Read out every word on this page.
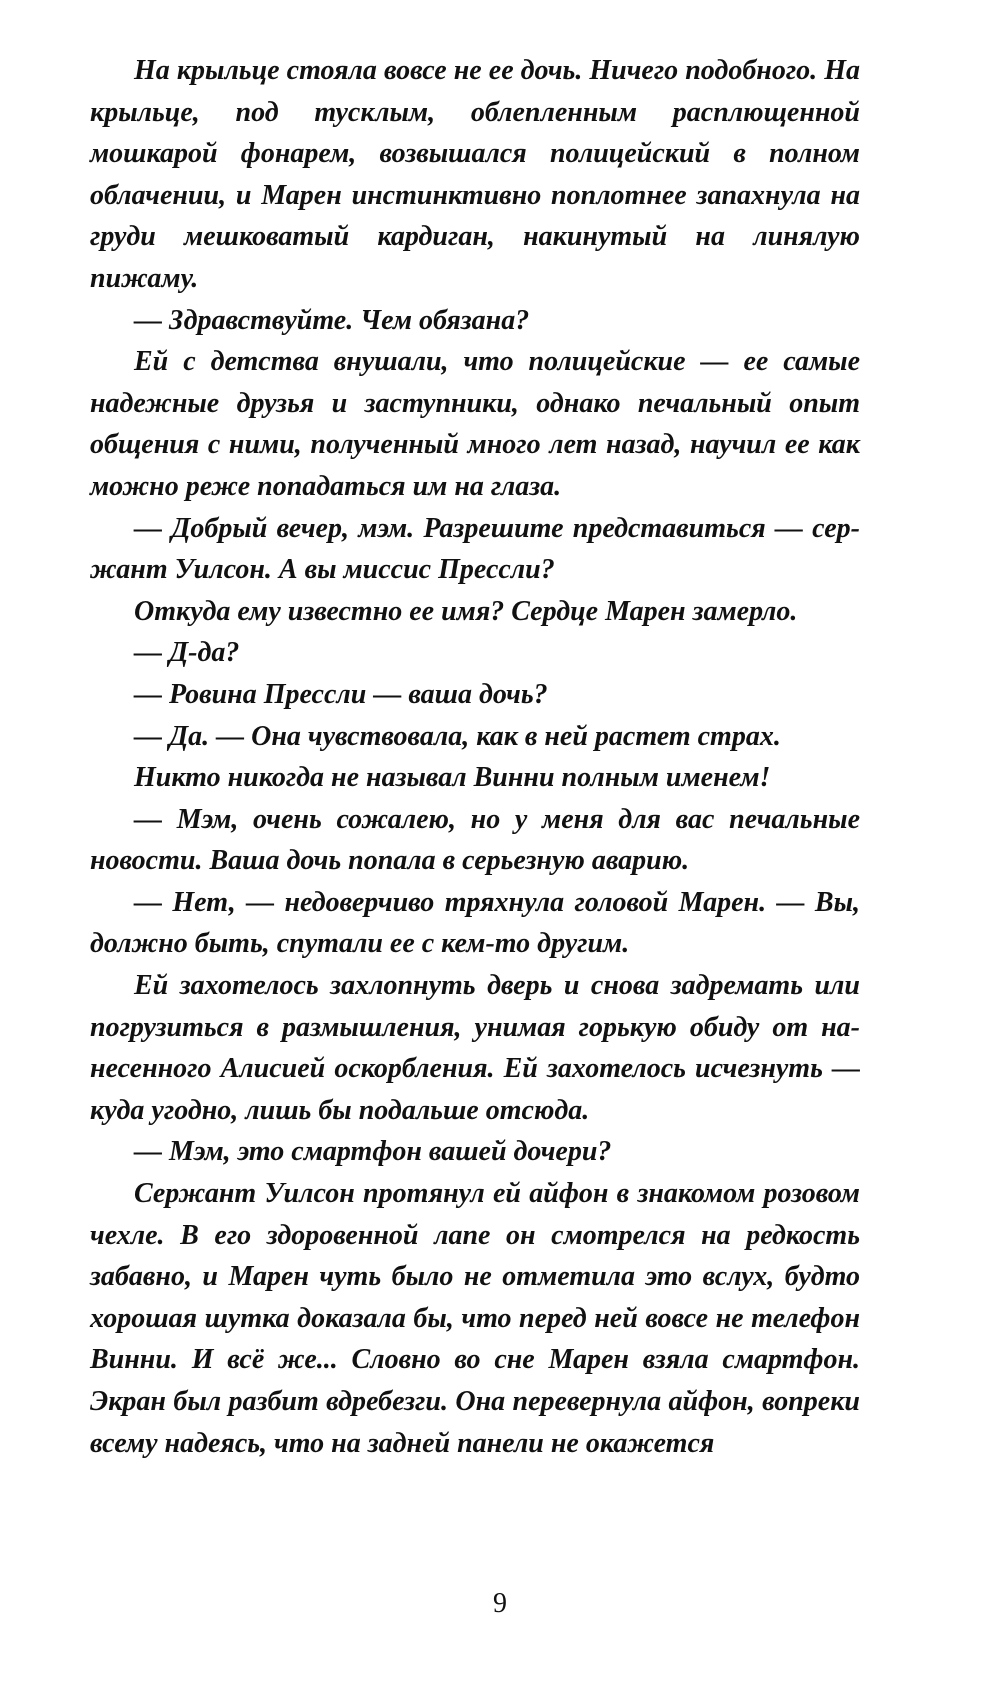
На крыльце стояла вовсе не ее дочь. Ничего подобного. На крыльце, под тусклым, облепленным расплющенной мошкарой фонарем, возвышался полицейский в полном облачении, и Марен инстинктивно поплотнее запахнула на груди мешковатый кардиган, накинутый на линялую пижаму.

— Здравствуйте. Чем обязана?

Ей с детства внушали, что полицейские — ее самые надежные друзья и заступники, однако печальный опыт общения с ними, полученный много лет назад, научил ее как можно реже попадаться им на глаза.

— Добрый вечер, мэм. Разрешите представиться — сержант Уилсон. А вы миссис Прессли?

Откуда ему известно ее имя? Сердце Марен замерло.

— Д-да?

— Ровина Прессли — ваша дочь?

— Да. — Она чувствовала, как в ней растет страх.

Никто никогда не называл Винни полным именем!

— Мэм, очень сожалею, но у меня для вас печальные новости. Ваша дочь попала в серьезную аварию.

— Нет, — недоверчиво тряхнула головой Марен. — Вы, должно быть, спутали ее с кем-то другим.

Ей захотелось захлопнуть дверь и снова задремать или погрузиться в размышления, унимая горькую обиду от нанесенного Алисией оскорбления. Ей захотелось исчезнуть — куда угодно, лишь бы подальше отсюда.

— Мэм, это смартфон вашей дочери?

Сержант Уилсон протянул ей айфон в знакомом розовом чехле. В его здоровенной лапе он смотрелся на редкость забавно, и Марен чуть было не отметила это вслух, будто хорошая шутка доказала бы, что перед ней вовсе не телефон Винни. И всё же... Словно во сне Марен взяла смартфон. Экран был разбит вдребезги. Она перевернула айфон, вопреки всему надеясь, что на задней панели не окажется

9
